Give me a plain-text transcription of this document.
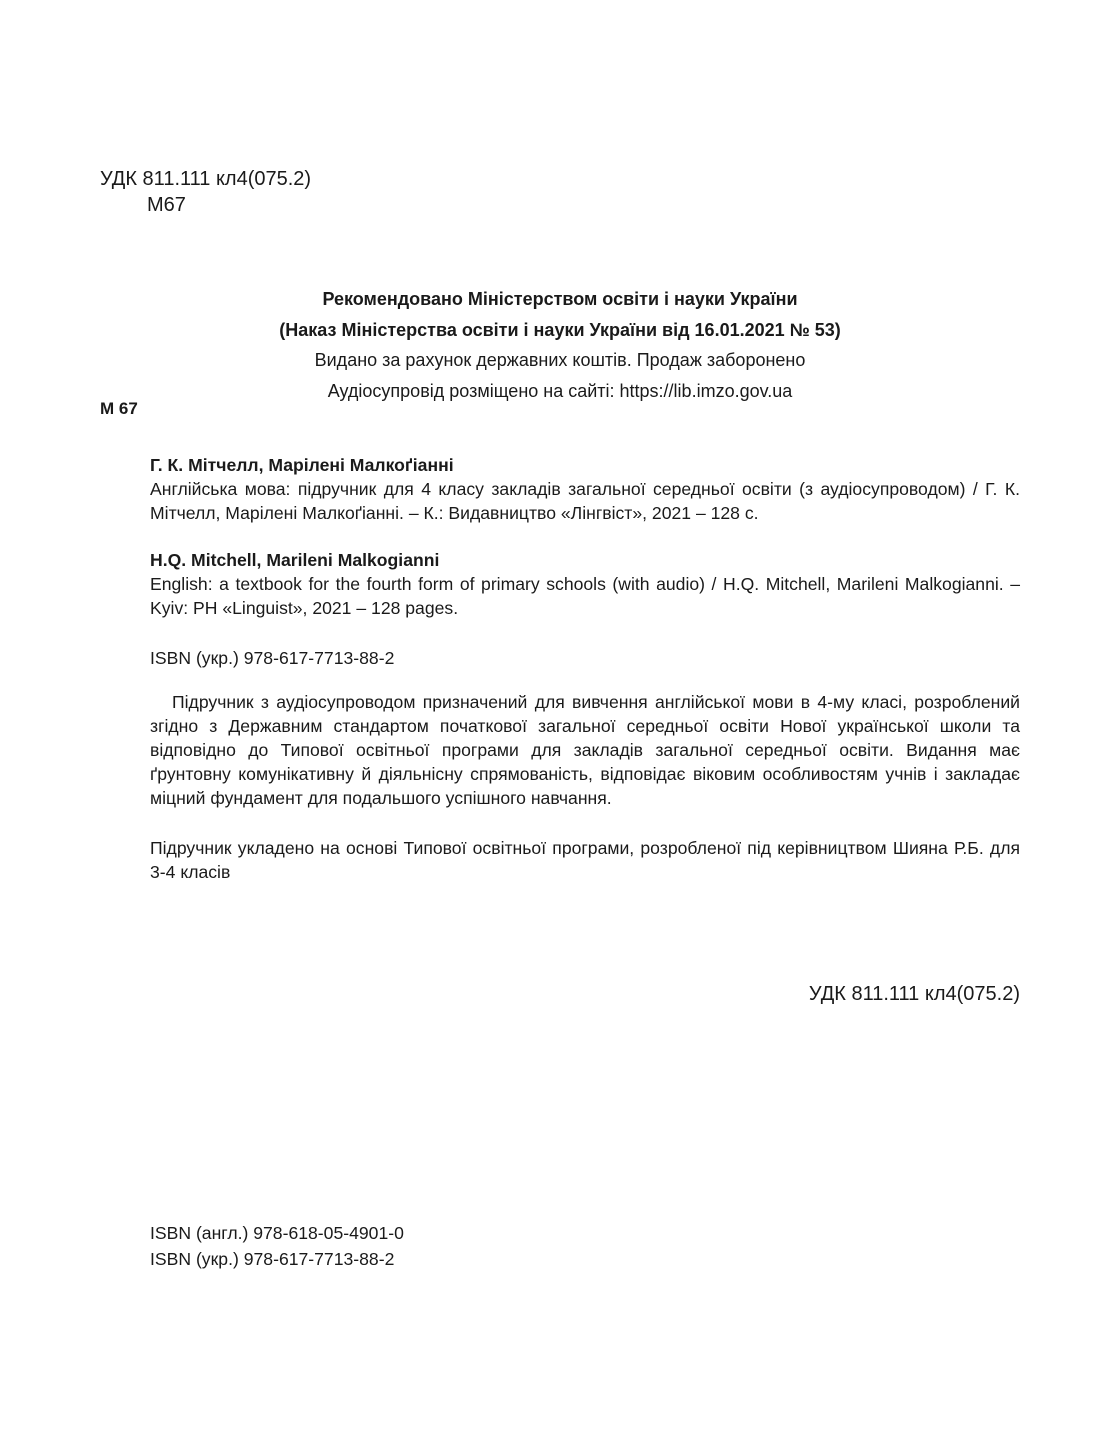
УДК 811.111 кл4(075.2)
М67
Рекомендовано Міністерством освіти і науки України
(Наказ Міністерства освіти і науки України від 16.01.2021 № 53)
Видано за рахунок державних коштів. Продаж заборонено
Аудіосупровід розміщено на сайті: https://lib.imzo.gov.ua
М 67
Г. К. Мітчелл, Марілені Малкоґіанні
Англійська мова: підручник для 4 класу закладів загальної середньої освіти (з аудіосупроводом) / Г. К. Мітчелл, Марілені Малкоґіанні. – К.: Видавництво «Лінгвіст», 2021 – 128 с.
H.Q. Mitchell, Marileni Malkogianni
English: a textbook for the fourth form of primary schools (with audio) / H.Q. Mitchell, Marileni Malkogianni. – Kyiv: PH «Linguist», 2021 – 128 pages.
ISBN (укр.) 978-617-7713-88-2
Підручник з аудіосупроводом призначений для вивчення англійської мови в 4-му класі, розроблений згідно з Державним стандартом початкової загальної середньої освіти Нової української школи та відповідно до Типової освітньої програми для закладів загальної середньої освіти. Видання має ґрунтовну комунікативну й діяльнісну спрямованість, відповідає віковим особливостям учнів і закладає міцний фундамент для подальшого успішного навчання.
Підручник укладено на основі Типової освітньої програми, розробленої під керівництвом Шияна Р.Б. для 3-4 класів
УДК 811.111 кл4(075.2)
ISBN (англ.) 978-618-05-4901-0
ISBN (укр.) 978-617-7713-88-2
